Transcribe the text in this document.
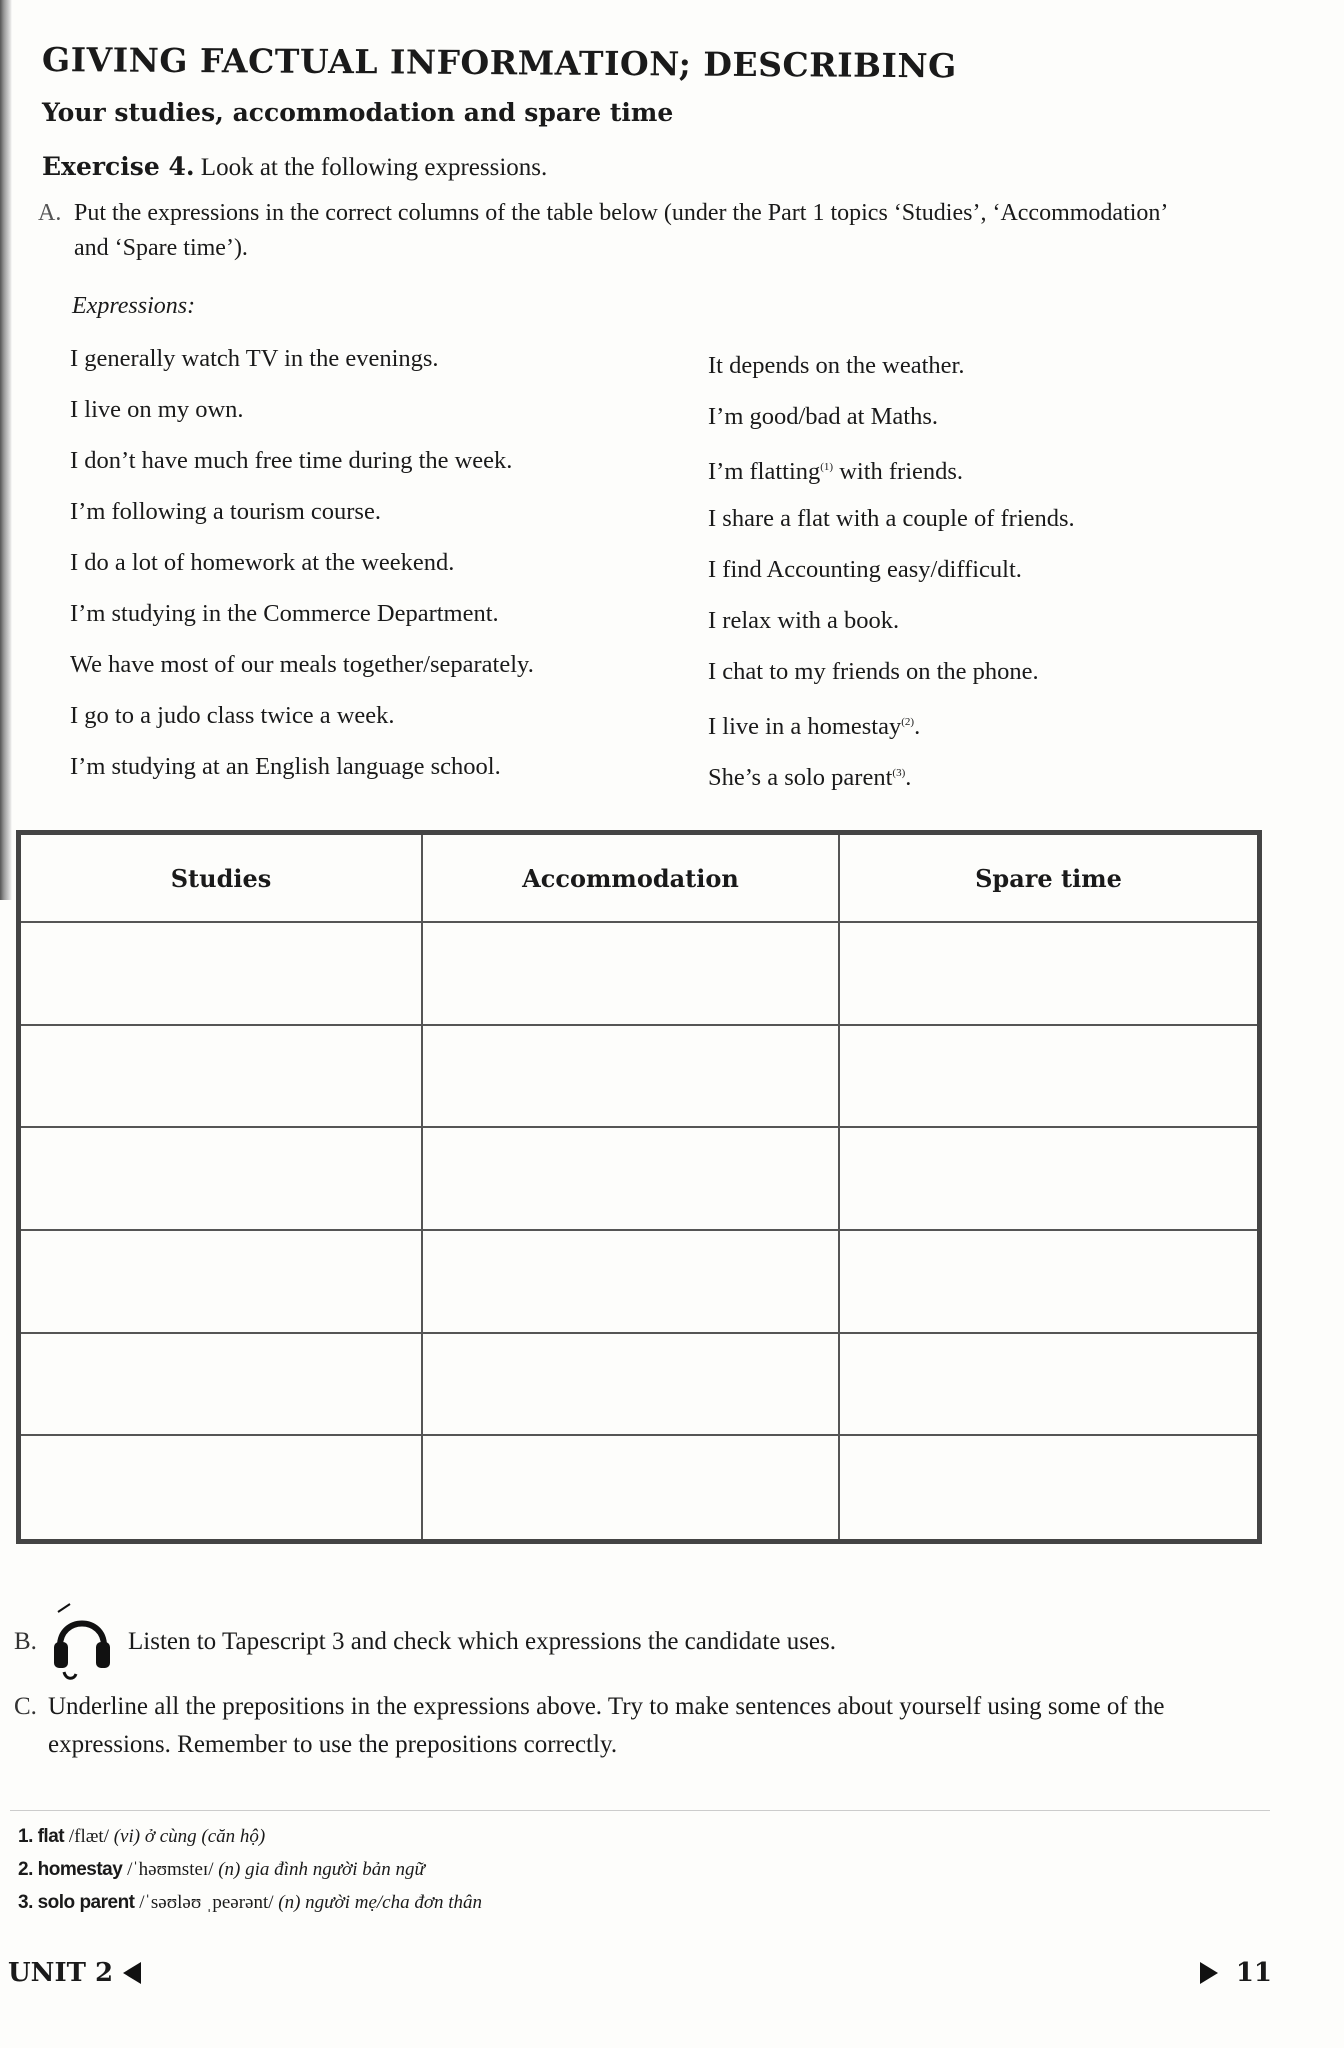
GIVING FACTUAL INFORMATION; DESCRIBING
Your studies, accommodation and spare time
Exercise 4. Look at the following expressions.
A. Put the expressions in the correct columns of the table below (under the Part 1 topics ‘Studies’, ‘Accommodation’
and ‘Spare time’).
Expressions:
I generally watch TV in the evenings.
I live on my own.
I don’t have much free time during the week.
I’m following a tourism course.
I do a lot of homework at the weekend.
I’m studying in the Commerce Department.
We have most of our meals together/separately.
I go to a judo class twice a week.
I’m studying at an English language school.
It depends on the weather.
I’m good/bad at Maths.
I’m flatting$^{(1)}$ with friends.
I share a flat with a couple of friends.
I find Accounting easy/difficult.
I relax with a book.
I chat to my friends on the phone.
I live in a homestay$^{(2)}$.
She’s a solo parent$^{(3)}$.
Studies	Accommodation	Spare time
B.	Listen to Tapescript 3 and check which expressions the candidate uses.
C. Underline all the prepositions in the expressions above. Try to make sentences about yourself using some of the
expressions. Remember to use the prepositions correctly.
1. flat /flæt/ (vi) ở cùng (căn hộ)
2. homestay /ˈhəʊmsteɪ/ (n) gia đình người bản ngữ
3. solo parent /ˈsəʊləʊ ˌpeərənt/ (n) người mẹ/cha đơn thân
UNIT 2	11
